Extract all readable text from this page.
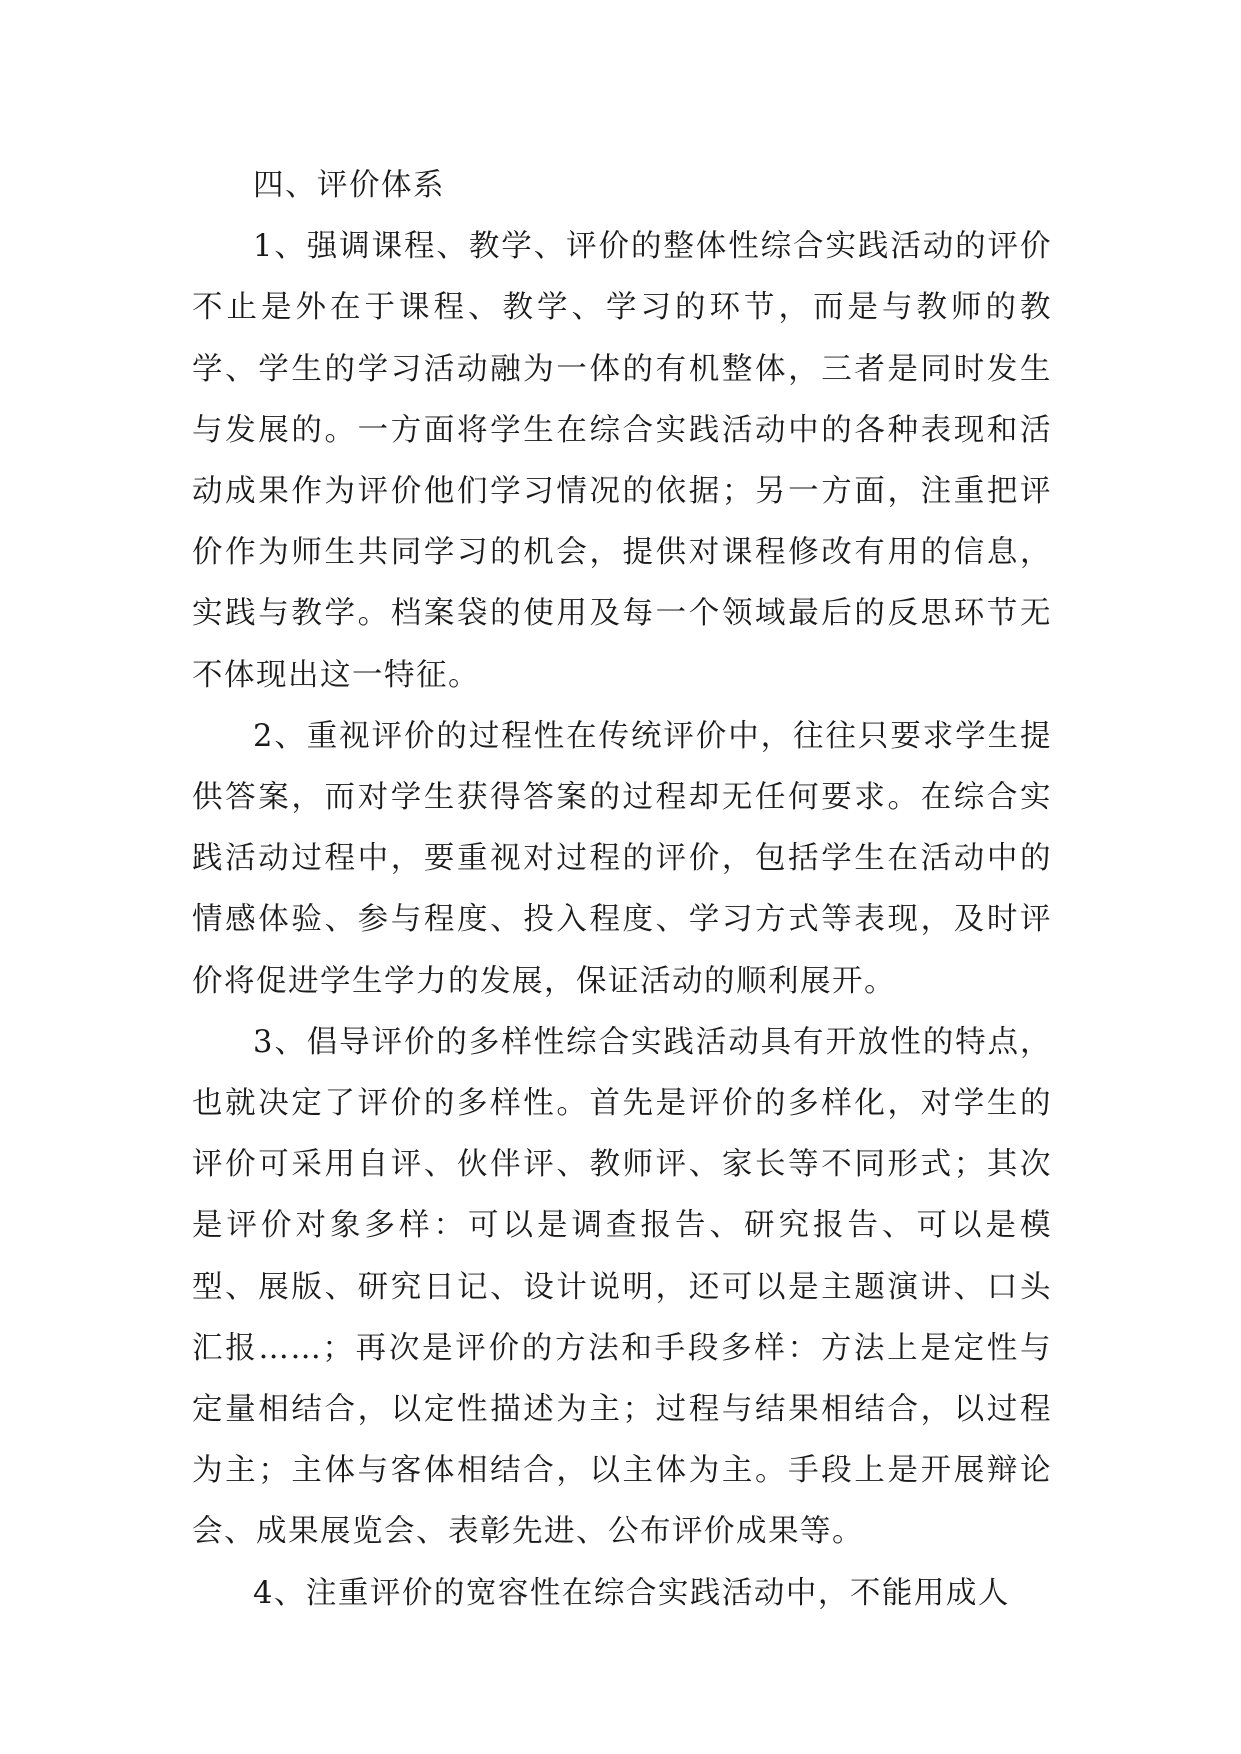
四、评价体系

1、强调课程、教学、评价的整体性综合实践活动的评价不止是外在于课程、教学、学习的环节，而是与教师的教学、学生的学习活动融为一体的有机整体，三者是同时发生与发展的。一方面将学生在综合实践活动中的各种表现和活动成果作为评价他们学习情况的依据；另一方面，注重把评价作为师生共同学习的机会，提供对课程修改有用的信息，实践与教学。档案袋的使用及每一个领域最后的反思环节无不体现出这一特征。

2、重视评价的过程性在传统评价中，往往只要求学生提供答案，而对学生获得答案的过程却无任何要求。在综合实践活动过程中，要重视对过程的评价，包括学生在活动中的情感体验、参与程度、投入程度、学习方式等表现，及时评价将促进学生学力的发展，保证活动的顺利展开。

3、倡导评价的多样性综合实践活动具有开放性的特点，也就决定了评价的多样性。首先是评价的多样化，对学生的评价可采用自评、伙伴评、教师评、家长等不同形式；其次是评价对象多样：可以是调查报告、研究报告、可以是模型、展版、研究日记、设计说明，还可以是主题演讲、口头汇报……；再次是评价的方法和手段多样：方法上是定性与定量相结合，以定性描述为主；过程与结果相结合，以过程为主；主体与客体相结合，以主体为主。手段上是开展辩论会、成果展览会、表彰先进、公布评价成果等。

4、注重评价的宽容性在综合实践活动中，不能用成人
